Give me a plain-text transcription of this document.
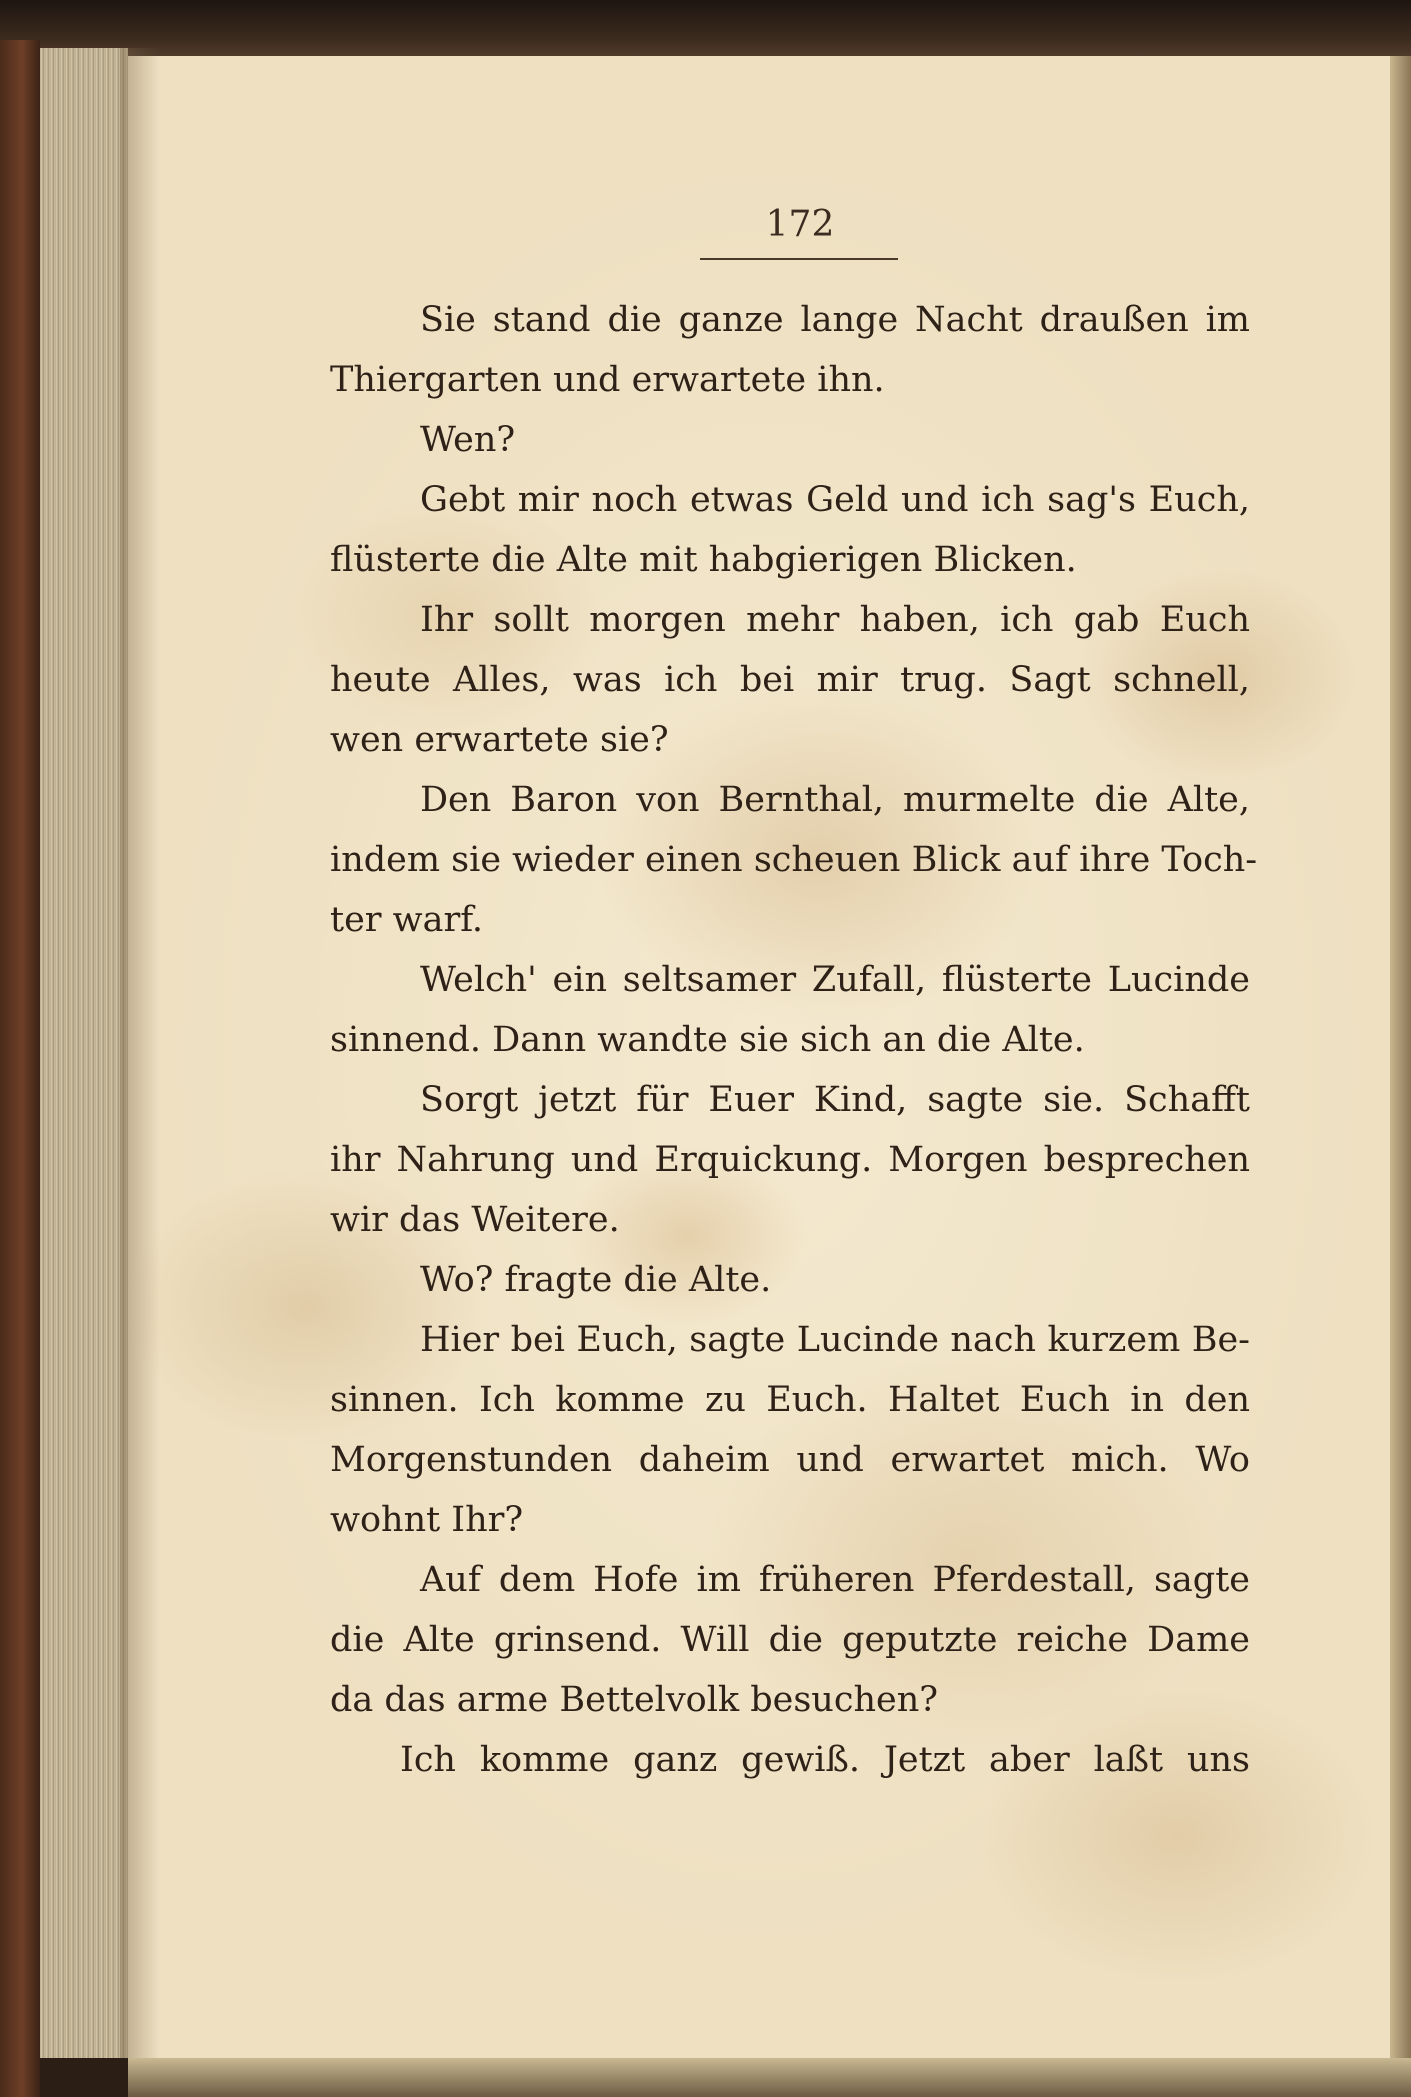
172
Sie stand die ganze lange Nacht draußen im
Thiergarten und erwartete ihn.
Wen?
Gebt mir noch etwas Geld und ich sag's Euch,
flüsterte die Alte mit habgierigen Blicken.
Ihr sollt morgen mehr haben, ich gab Euch
heute Alles, was ich bei mir trug. Sagt schnell,
wen erwartete sie?
Den Baron von Bernthal, murmelte die Alte,
indem sie wieder einen scheuen Blick auf ihre Toch-
ter warf.
Welch' ein seltsamer Zufall, flüsterte Lucinde
sinnend. Dann wandte sie sich an die Alte.
Sorgt jetzt für Euer Kind, sagte sie. Schafft
ihr Nahrung und Erquickung. Morgen besprechen
wir das Weitere.
Wo? fragte die Alte.
Hier bei Euch, sagte Lucinde nach kurzem Be-
sinnen. Ich komme zu Euch. Haltet Euch in den
Morgenstunden daheim und erwartet mich. Wo
wohnt Ihr?
Auf dem Hofe im früheren Pferdestall, sagte
die Alte grinsend. Will die geputzte reiche Dame
da das arme Bettelvolk besuchen?
Ich komme ganz gewiß. Jetzt aber laßt uns
